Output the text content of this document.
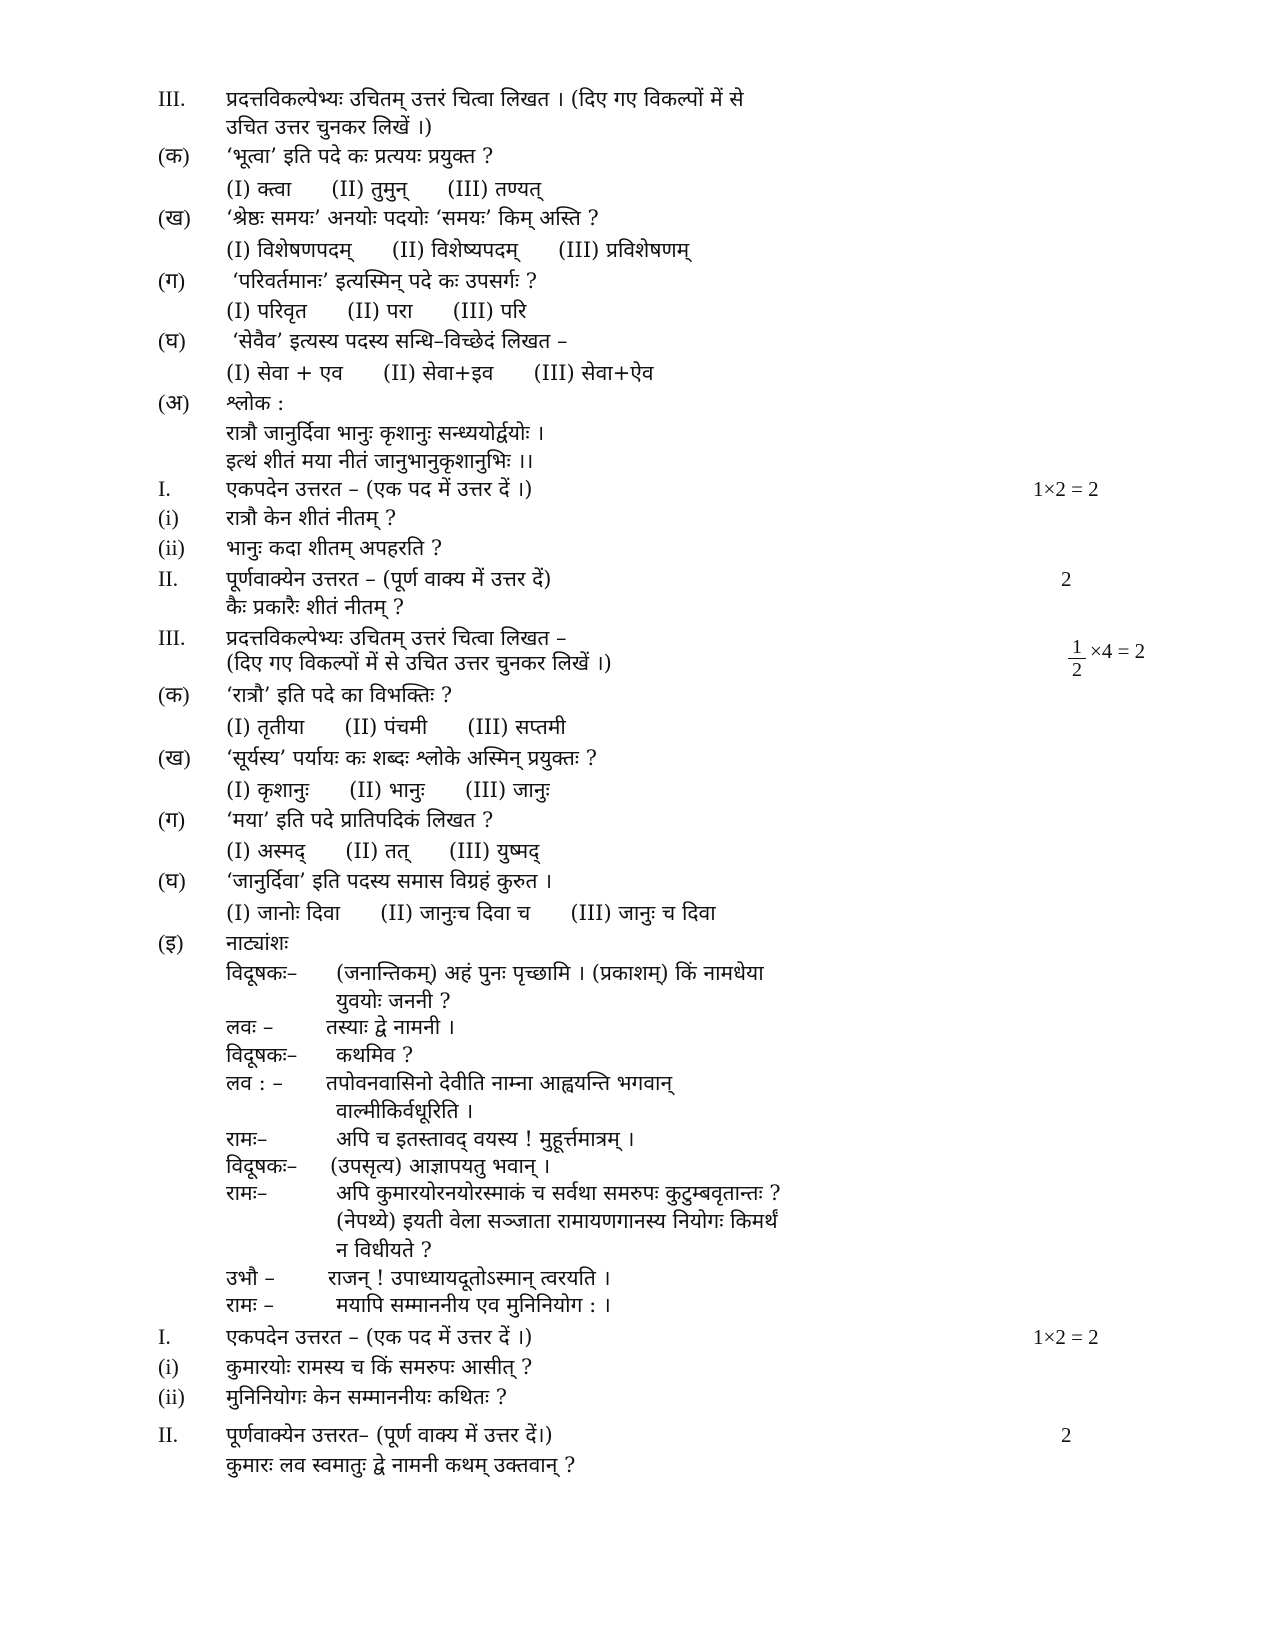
III. प्रदत्तविकल्पेभ्यः उचितम् उत्तरं चित्वा लिखत । (दिए गए विकल्पों में से
उचित उत्तर चुनकर लिखें ।)
(क) ‘भूत्वा’ इति पदे कः प्रत्ययः प्रयुक्त ?
(I) क्त्वा (II) तुमुन् (III) तण्यत्
(ख) ‘श्रेष्ठः समयः’ अनयोः पदयोः ‘समयः’ किम् अस्ति ?
(I) विशेषणपदम् (II) विशेष्यपदम् (III) प्रविशेषणम्
(ग) ‘परिवर्तमानः’ इत्यस्मिन् पदे कः उपसर्गः ?
(I) परिवृत (II) परा (III) परि
(घ) ‘सेवैव’ इत्यस्य पदस्य सन्धि–विच्छेदं लिखत –
(I) सेवा + एव (II) सेवा+इव (III) सेवा+ऐव
(अ) श्लोक :
रात्रौ जानुर्दिवा भानुः कृशानुः सन्ध्ययोर्द्वयोः ।
इत्थं शीतं मया नीतं जानुभानुकृशानुभिः ।।
I.	एकपदेन उत्तरत – (एक पद में उत्तर दें ।)	1×2 = 2
(i) रात्रौ केन शीतं नीतम् ?
(ii) भानुः कदा शीतम् अपहरति ?
II. पूर्णवाक्येन उत्तरत – (पूर्ण वाक्य में उत्तर दें)	2
कैः प्रकारैः शीतं नीतम् ?
III. प्रदत्तविकल्पेभ्यः उचितम् उत्तरं चित्वा लिखत –
(दिए गए विकल्पों में से उचित उत्तर चुनकर लिखें ।)	$\frac{1}{2} \times 4 = 2$
(क) ‘रात्रौ’ इति पदे का विभक्तिः ?
(I) तृतीया (II) पंचमी (III) सप्तमी
(ख) ‘सूर्यस्य’ पर्यायः कः शब्दः श्लोके अस्मिन् प्रयुक्तः ?
(I) कृशानुः (II) भानुः (III) जानुः
(ग) ‘मया’ इति पदे प्रातिपदिकं लिखत ?
(I) अस्मद् (II) तत् (III) युष्मद्
(घ) ‘जानुर्दिवा’ इति पदस्य समास विग्रहं कुरुत ।
(I) जानोः दिवा (II) जानुःच दिवा च (III) जानुः च दिवा
(इ) नाट्यांशः
विदूषकः– (जनान्तिकम्) अहं पुनः पृच्छामि । (प्रकाशम्) किं नामधेया
युवयोः जननी ?
लवः –	तस्याः द्वे नामनी ।
विदूषकः– कथमिव ?
लव : – तपोवनवासिनो देवीति नाम्ना आह्वयन्ति भगवान्
वाल्मीकिर्वधूरिति ।
रामः–	अपि च इतस्तावद् वयस्य ! मुहूर्त्तमात्रम् ।
विदूषकः– (उपसृत्य) आज्ञापयतु भवान् ।
रामः–	अपि कुमारयोरनयोरस्माकं च सर्वथा समरुपः कुटुम्बवृतान्तः ?
(नेपथ्ये) इयती वेला सञ्जाता रामायणगानस्य नियोगः किमर्थं
न विधीयते ?
उभौ –	राजन् ! उपाध्यायदूतोऽस्मान् त्वरयति ।
रामः –	मयापि सम्माननीय एव मुनिनियोग : ।
I.	एकपदेन उत्तरत – (एक पद में उत्तर दें ।)	1×2 = 2
(i) कुमारयोः रामस्य च किं समरुपः आसीत् ?
(ii) मुनिनियोगः केन सम्माननीयः कथितः ?
II. पूर्णवाक्येन उत्तरत– (पूर्ण वाक्य में उत्तर दें।)	2
कुमारः लव स्वमातुः द्वे नामनी कथम् उक्तवान् ?
